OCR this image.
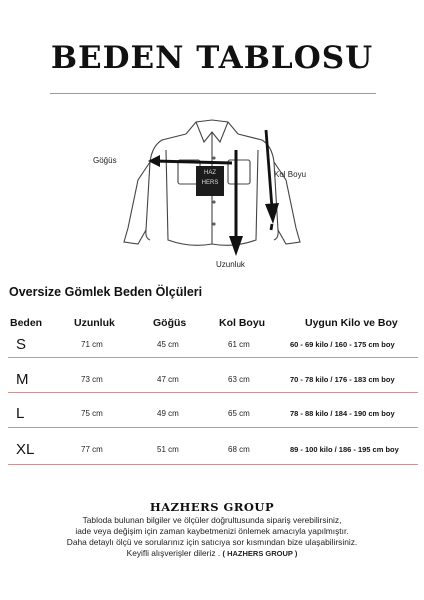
BEDEN TABLOSU
HAZ
HERS
Göğüs
Kol Boyu
Uzunluk
Oversize Gömlek Beden Ölçüleri
Beden	Uzunluk	Göğüs	Kol Boyu	Uygun Kilo ve Boy
S	71 cm	45 cm	61 cm	60 - 69 kilo / 160 - 175 cm boy
M	73 cm	47 cm	63 cm	70 - 78 kilo / 176 - 183 cm boy
L	75 cm	49 cm	65 cm	78 - 88 kilo / 184 - 190 cm boy
XL	77 cm	51 cm	68 cm	89 - 100 kilo / 186 - 195 cm boy
HAZHERS GROUP
Tabloda bulunan bilgiler ve ölçüler doğrultusunda sipariş verebilirsiniz,
iade veya değişim için zaman kaybetmenizi önlemek amacıyla yapılmıştır.
Daha detaylı ölçü ve sorularınız için satıcıya sor kısmından bize ulaşabilirsiniz.
Keyifli alışverişler dileriz . ( HAZHERS GROUP )
